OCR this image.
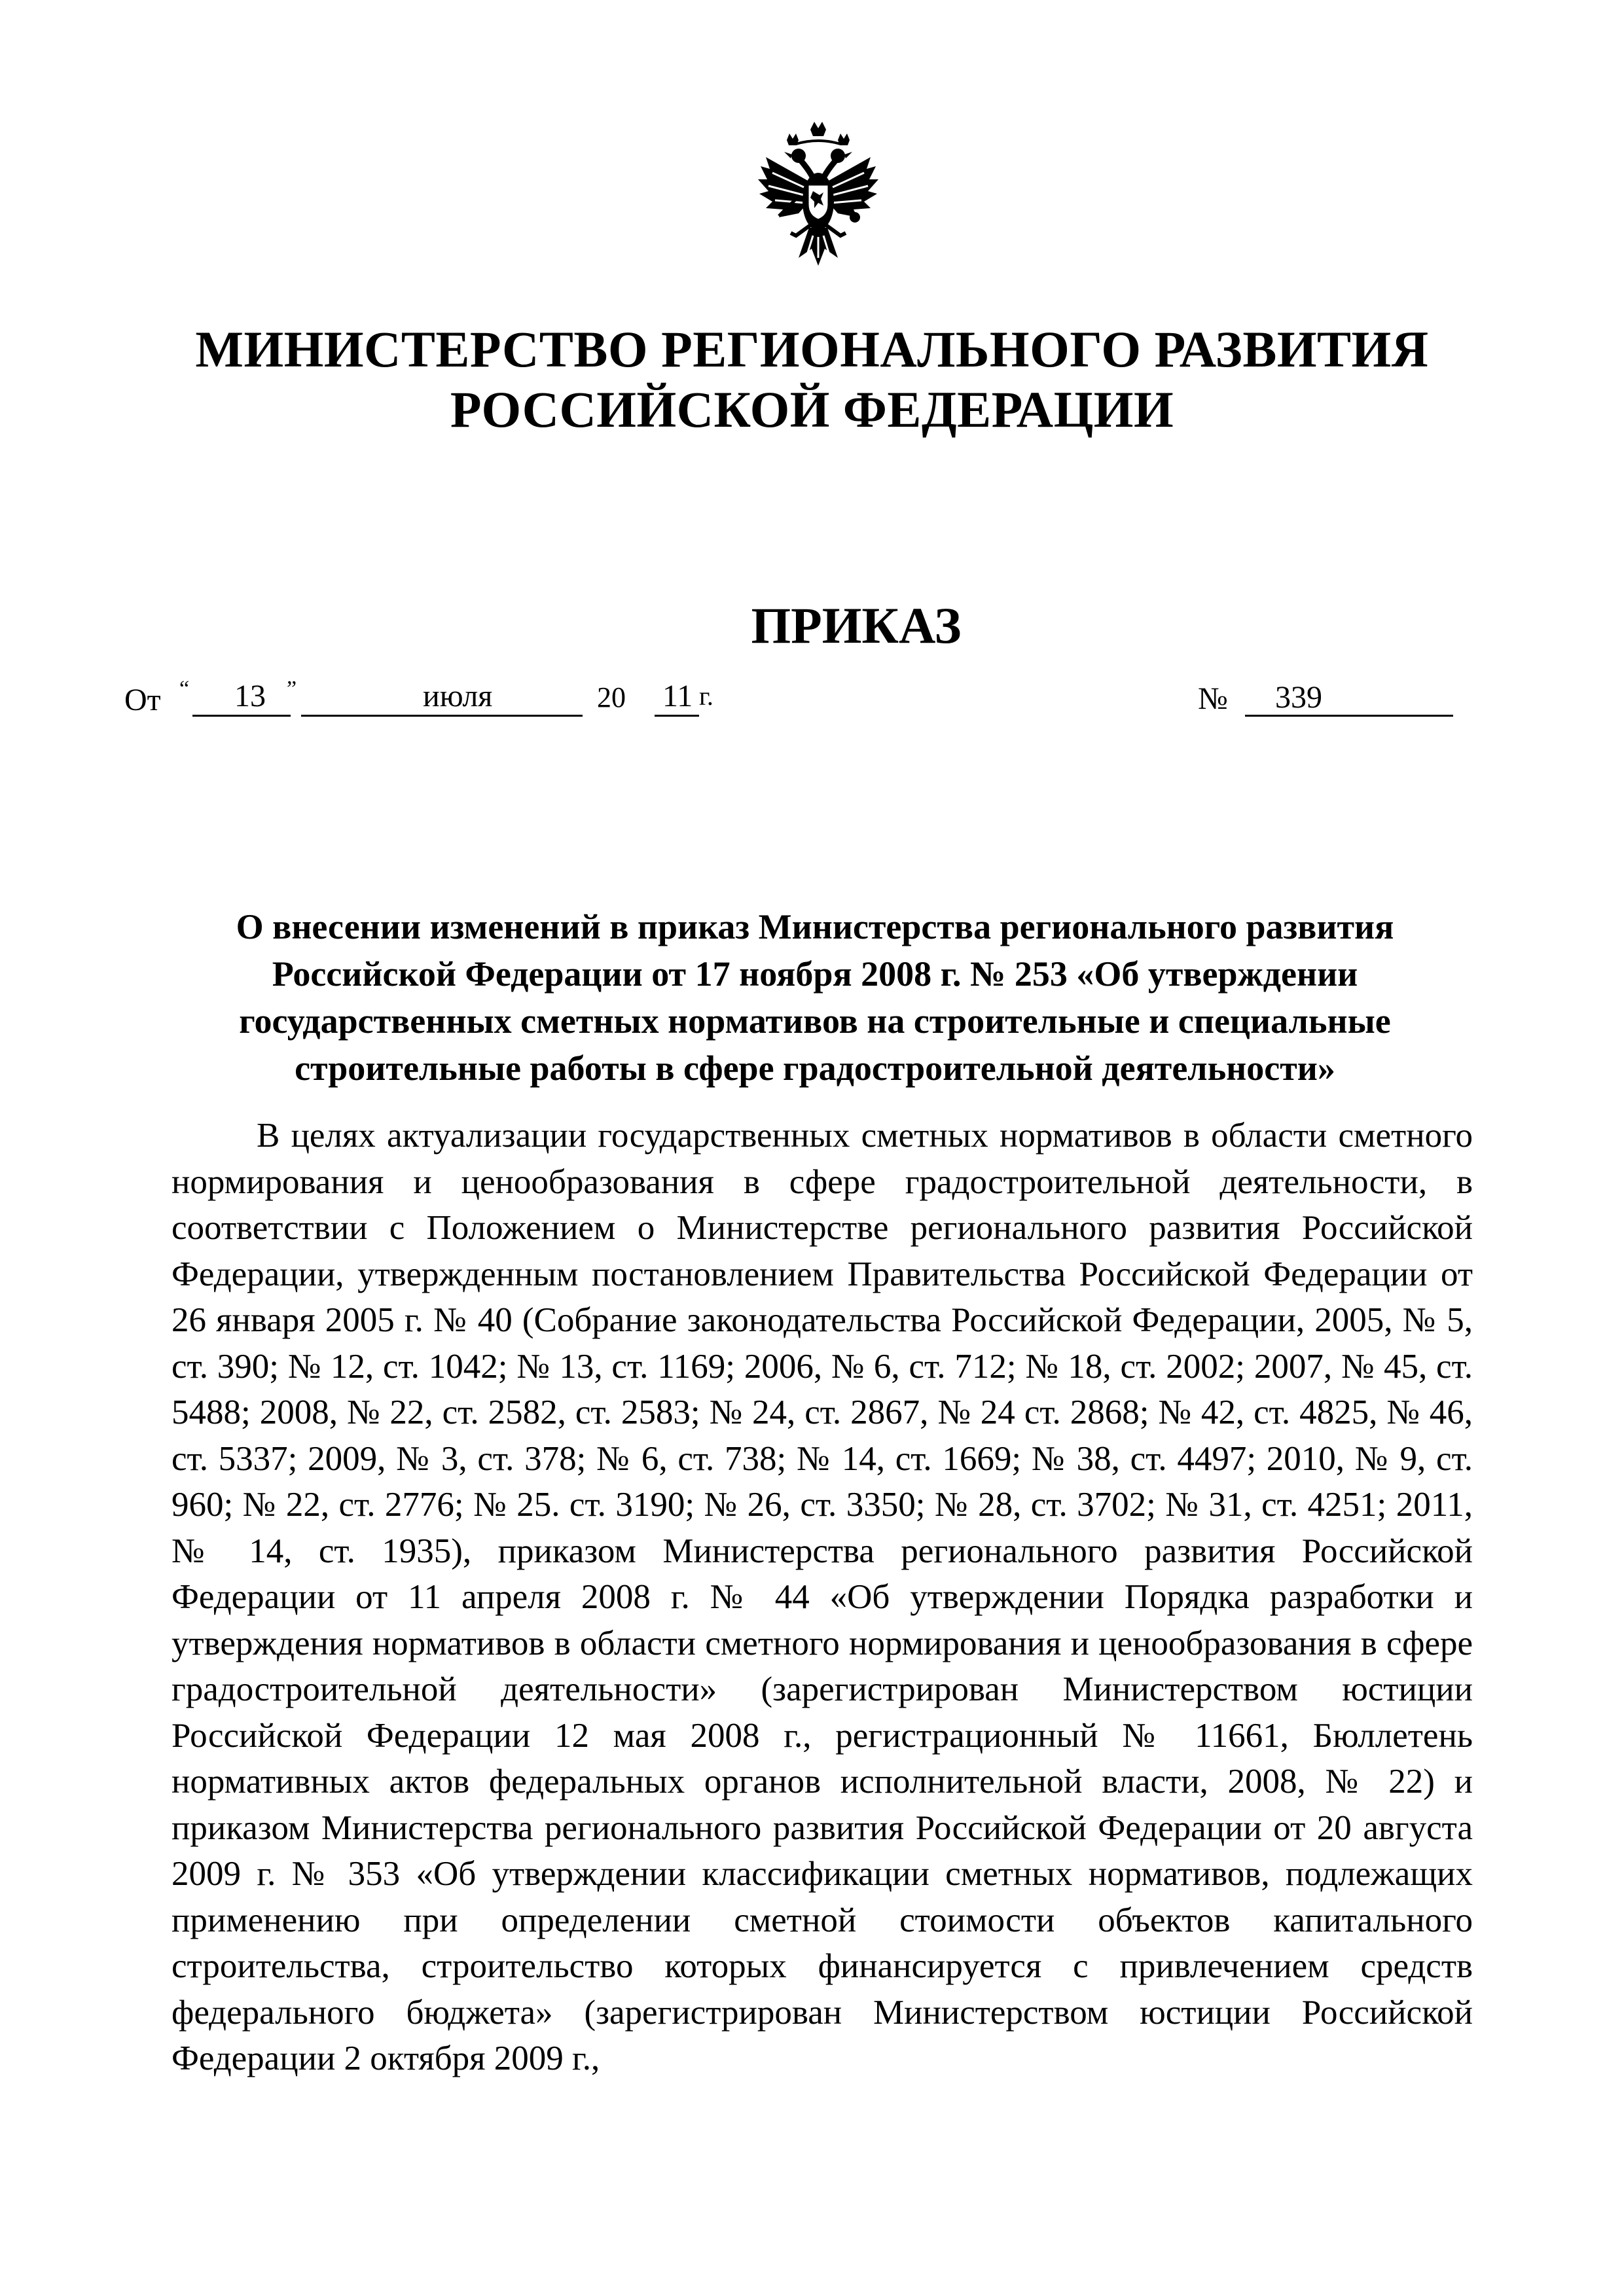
МИНИСТЕРСТВО РЕГИОНАЛЬНОГО РАЗВИТИЯ
РОССИЙСКОЙ ФЕДЕРАЦИИ
ПРИКАЗ
От “ 13 ”	июля	20 11 г.	№ 339
О внесении изменений в приказ Министерства регионального развития Российской Федерации от 17 ноября 2008 г. № 253 «Об утверждении государственных сметных нормативов на строительные и специальные строительные работы в сфере градостроительной деятельности»
В целях актуализации государственных сметных нормативов в области сметного нормирования и ценообразования в сфере градостроительной деятельности, в соответствии с Положением о Министерстве регионального развития Российской Федерации, утвержденным постановлением Правительства Российской Федерации от 26 января 2005 г. № 40 (Собрание законодательства Российской Федерации, 2005, № 5, ст. 390; № 12, ст. 1042; № 13, ст. 1169; 2006, № 6, ст. 712; № 18, ст. 2002; 2007, № 45, ст. 5488; 2008, № 22, ст. 2582, ст. 2583; № 24, ст. 2867, № 24 ст. 2868; № 42, ст. 4825, № 46, ст. 5337; 2009, № 3, ст. 378; № 6, ст. 738; № 14, ст. 1669; № 38, ст. 4497; 2010, № 9, ст. 960; № 22, ст. 2776; № 25. ст. 3190; № 26, ст. 3350; № 28, ст. 3702; № 31, ст. 4251; 2011, № 14, ст. 1935), приказом Министерства регионального развития Российской Федерации от 11 апреля 2008 г. № 44 «Об утверждении Порядка разработки и утверждения нормативов в области сметного нормирования и ценообразования в сфере градостроительной деятельности» (зарегистрирован Министерством юстиции Российской Федерации 12 мая 2008 г., регистрационный № 11661, Бюллетень нормативных актов федеральных органов исполнительной власти, 2008, № 22) и приказом Министерства регионального развития Российской Федерации от 20 августа 2009 г. № 353 «Об утверждении классификации сметных нормативов, подлежащих применению при определении сметной стоимости объектов капитального строительства, строительство которых финансируется с привлечением средств федерального бюджета» (зарегистрирован Министерством юстиции Российской Федерации 2 октября 2009 г.,
